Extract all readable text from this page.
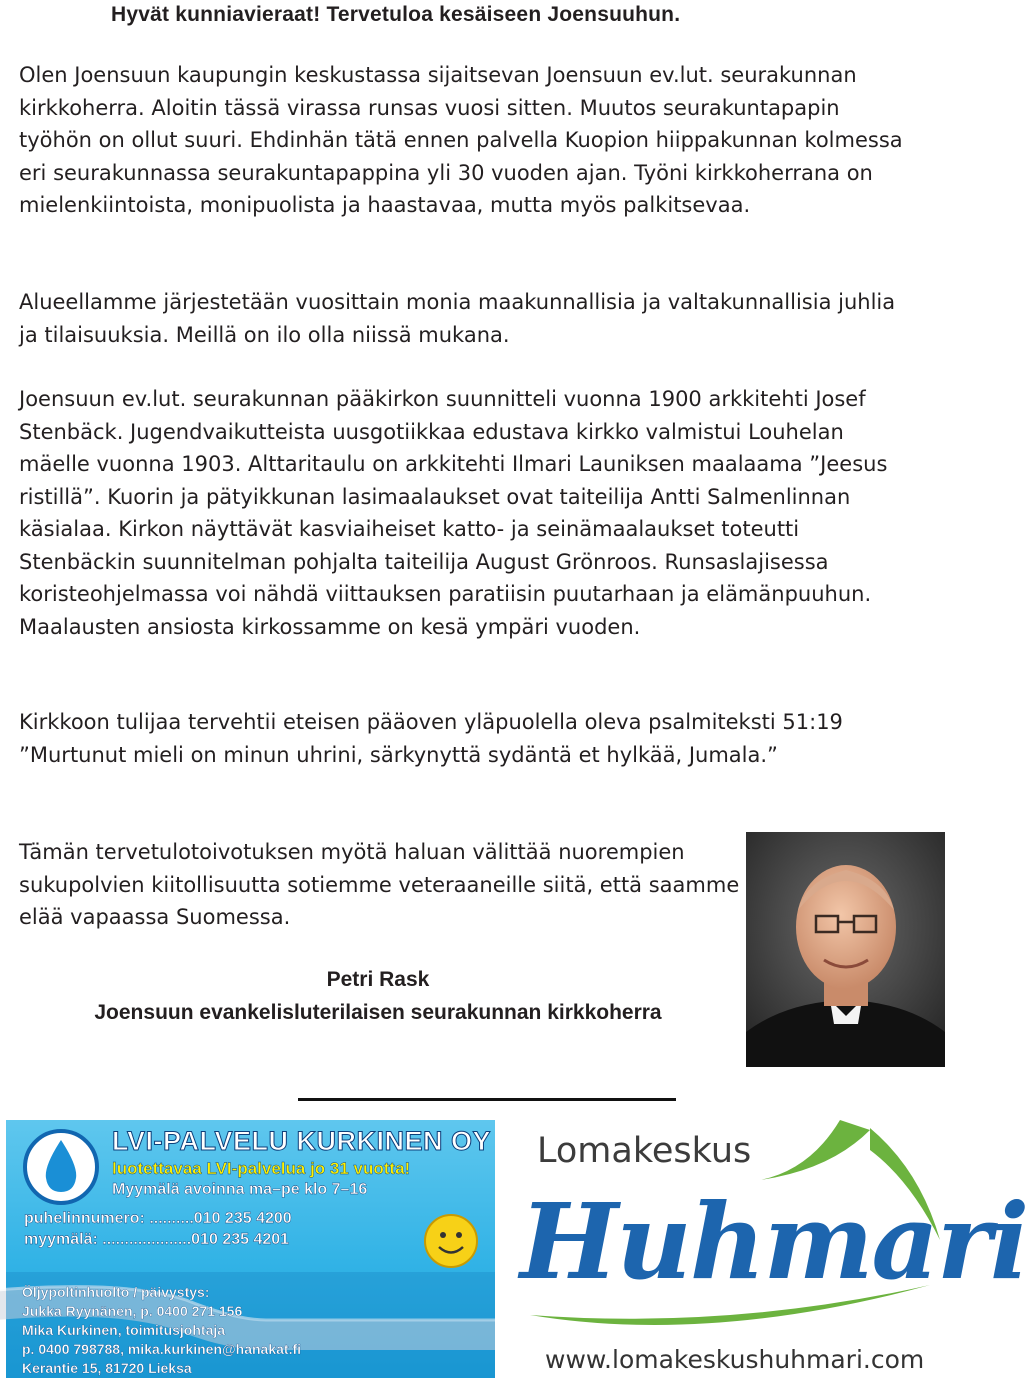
Hyvät kunniavieraat! Tervetuloa kesäiseen Joensuuhun.

Olen Joensuun kaupungin keskustassa sijaitsevan Joensuun ev.lut. seurakunnan kirkkoherra. Aloitin tässä virassa runsas vuosi sitten. Muutos seurakuntapapin työhön on ollut suuri. Ehdinhän tätä ennen palvella Kuopion hiippakunnan kolmessa eri seurakunnassa seurakuntapappina yli 30 vuoden ajan. Työni kirkkoherrana on mielenkiintoista, monipuolista ja haastavaa, mutta myös palkitsevaa.

Alueellamme järjestetään vuosittain monia maakunnallisia ja valtakunnallisia juhlia ja tilaisuuksia. Meillä on ilo olla niissä mukana.

Joensuun ev.lut. seurakunnan pääkirkon suunnitteli vuonna 1900 arkkitehti Josef Stenbäck. Jugendvaikutteista uusgotiikkaa edustava kirkko valmistui Louhelan mäelle vuonna 1903. Alttaritaulu on arkkitehti Ilmari Launiksen maalaama ”Jeesus ristillä”. Kuorin ja pätyikkunan lasimaalaukset ovat taiteilija Antti Salmenlinnan käsialaa. Kirkon näyttävät kasviaiheiset katto- ja seinämaalaukset toteutti Stenbäckin suunnitelman pohjalta taiteilija August Grönroos. Runsaslajisessa koristeohjelmassa voi nähdä viittauksen paratiisin puutarhaan ja elämänpuuhun. Maalausten ansiosta kirkossamme on kesä ympäri vuoden.

Kirkkoon tulijaa tervehtii eteisen pääoven yläpuolella oleva psalmiteksti 51:19 ”Murtunut mieli on minun uhrini, särkynyttä sydäntä et hylkää, Jumala.”

Tämän tervetulotoivotuksen myötä haluan välittää nuorempien sukupolvien kiitollisuutta sotiemme veteraaneille siitä, että saamme elää vapaassa Suomessa.

Petri Rask
Joensuun evankelisluterilaisen seurakunnan kirkkoherra
LVI-PALVELU KURKINEN OY
luotettavaa LVI-palvelua jo 31 vuotta!
Myymälä avoinna ma–pe klo 7–16
puhelinnumero: ..........010 235 4200
myymälä: ....................010 235 4201
Öljypoltinhuolto / päivystys:
Jukka Ryynänen, p. 0400 271 156
Mika Kurkinen, toimitusjohtaja
p. 0400 798788, mika.kurkinen@hanakat.fi
Kerantie 15, 81720 Lieksa
Lomakeskus
Huhmari
www.lomakeskushuhmari.com
